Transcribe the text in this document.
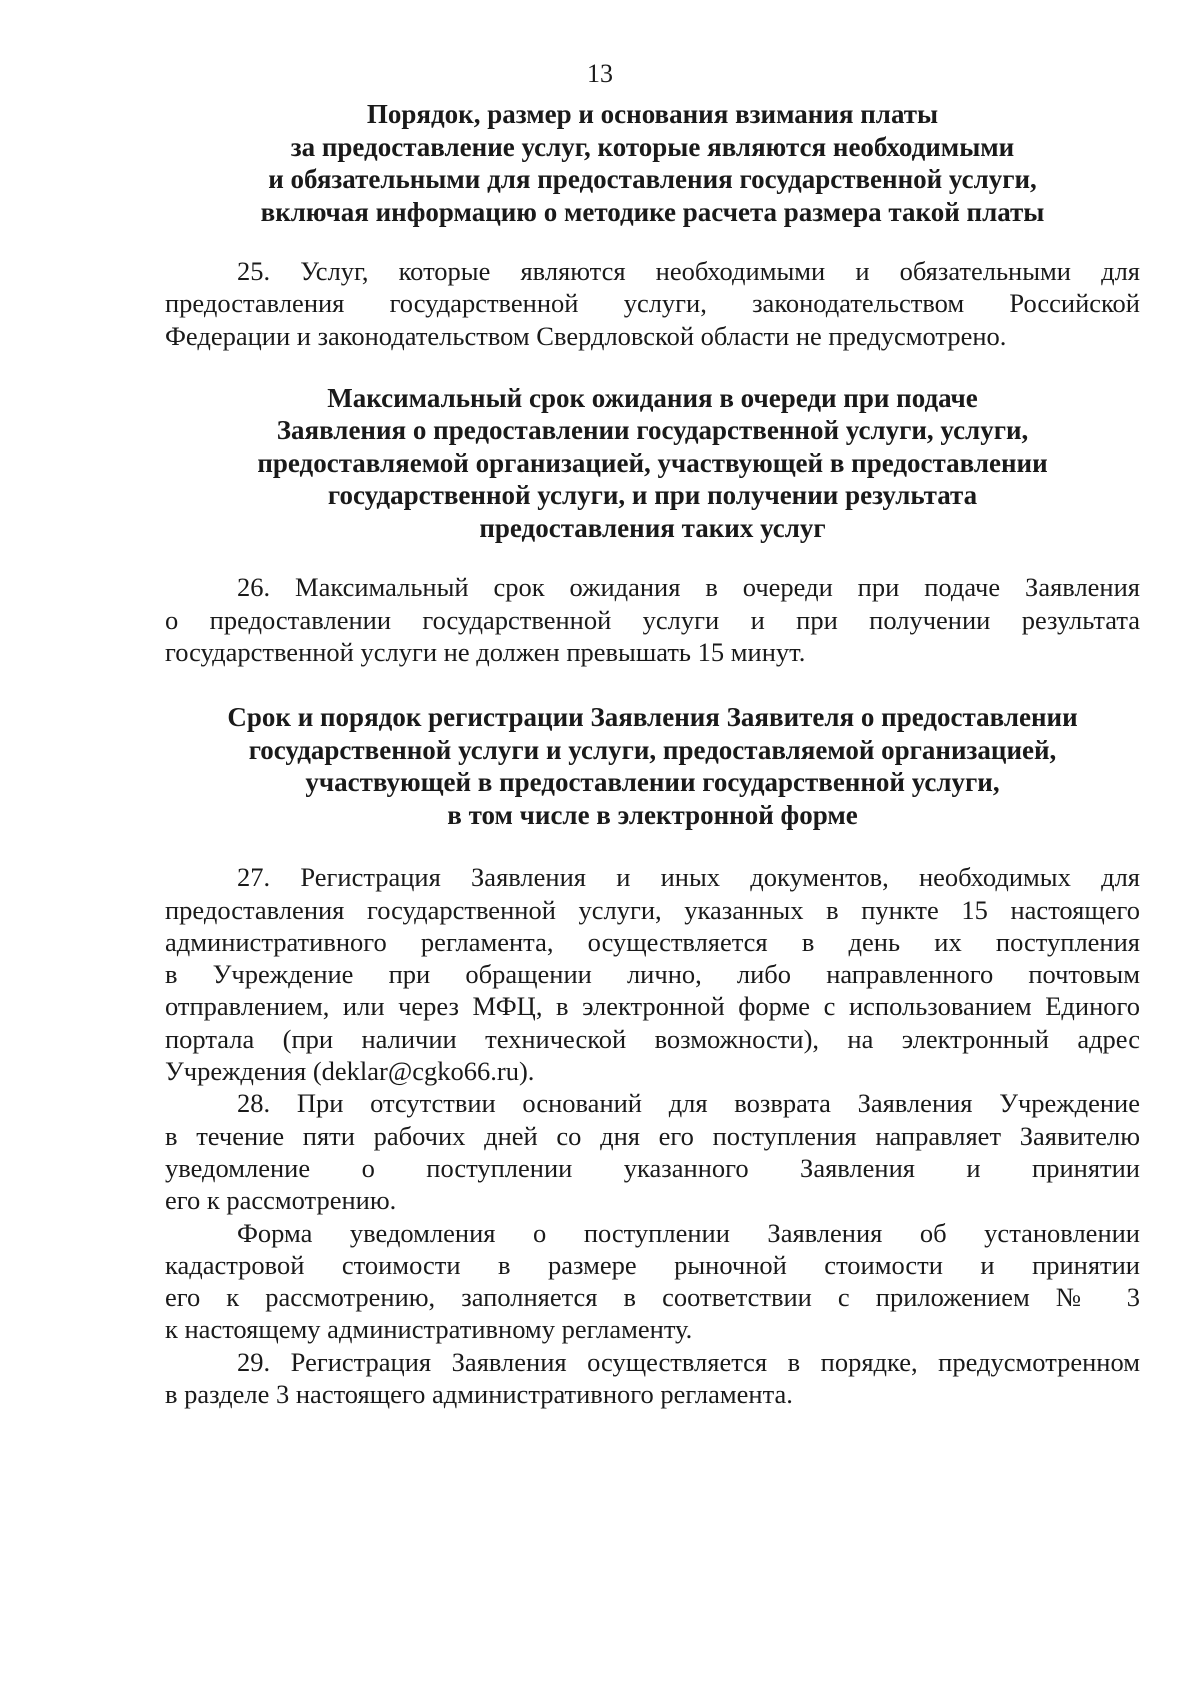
13
Порядок, размер и основания взимания платы
за предоставление услуг, которые являются необходимыми
и обязательными для предоставления государственной услуги,
включая информацию о методике расчета размера такой платы
25. Услуг, которые являются необходимыми и обязательными для
предоставления государственной услуги, законодательством Российской
Федерации и законодательством Свердловской области не предусмотрено.
Максимальный срок ожидания в очереди при подаче
Заявления о предоставлении государственной услуги, услуги,
предоставляемой организацией, участвующей в предоставлении
государственной услуги, и при получении результата
предоставления таких услуг
26. Максимальный срок ожидания в очереди при подаче Заявления
о предоставлении государственной услуги и при получении результата
государственной услуги не должен превышать 15 минут.
Срок и порядок регистрации Заявления Заявителя о предоставлении
государственной услуги и услуги, предоставляемой организацией,
участвующей в предоставлении государственной услуги,
в том числе в электронной форме
27. Регистрация Заявления и иных документов, необходимых для
предоставления государственной услуги, указанных в пункте 15 настоящего
административного регламента, осуществляется в день их поступления
в Учреждение при обращении лично, либо направленного почтовым
отправлением, или через МФЦ, в электронной форме с использованием Единого
портала (при наличии технической возможности), на электронный адрес
Учреждения (deklar@cgko66.ru).
28. При отсутствии оснований для возврата Заявления Учреждение
в течение пяти рабочих дней со дня его поступления направляет Заявителю
уведомление о поступлении указанного Заявления и принятии
его к рассмотрению.
Форма уведомления о поступлении Заявления об установлении
кадастровой стоимости в размере рыночной стоимости и принятии
его к рассмотрению, заполняется в соответствии с приложением № 3
к настоящему административному регламенту.
29. Регистрация Заявления осуществляется в порядке, предусмотренном
в разделе 3 настоящего административного регламента.
